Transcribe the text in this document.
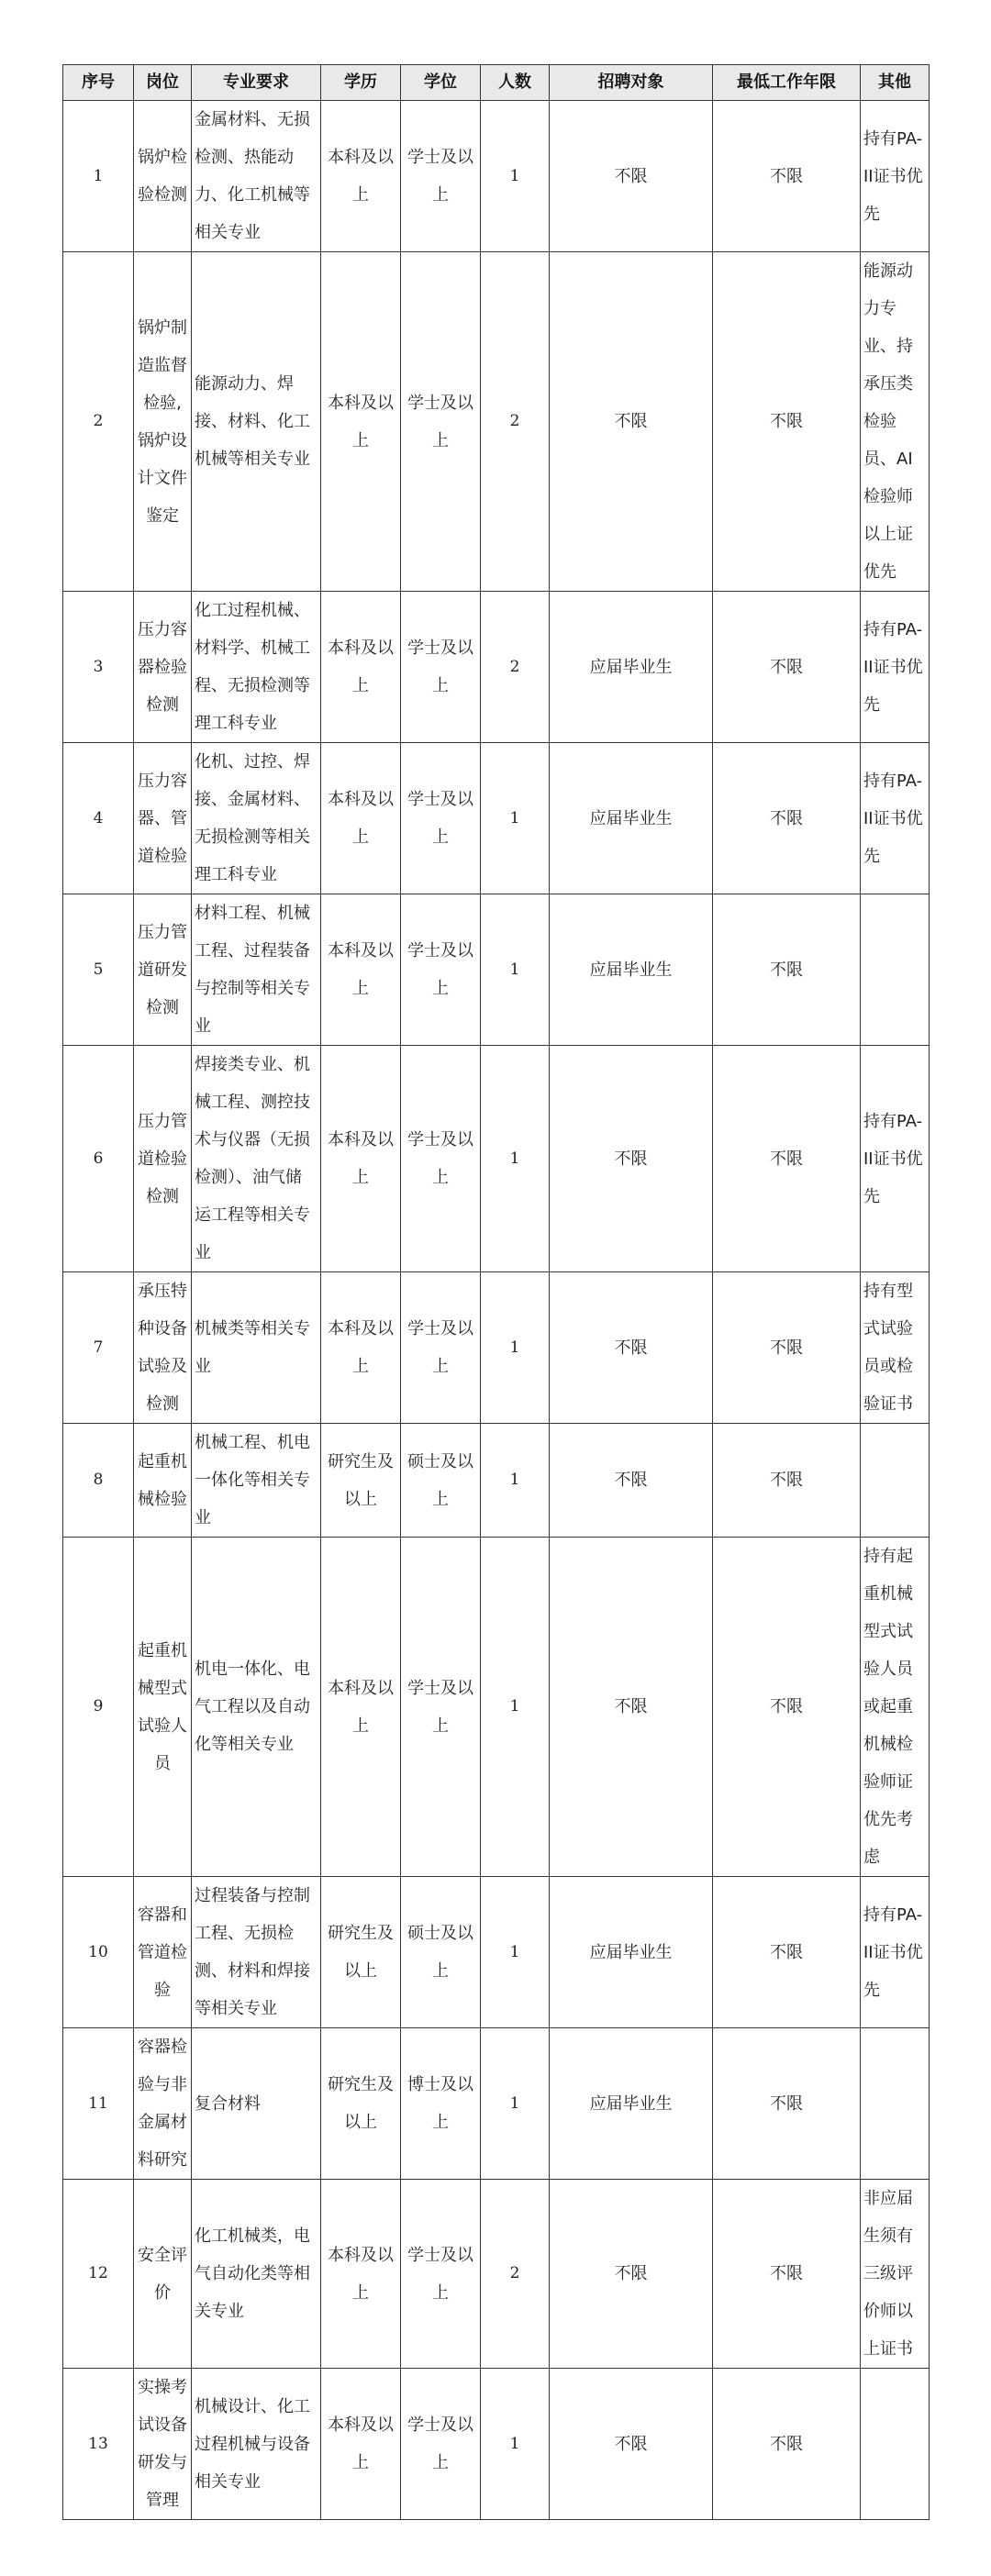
序号	岗位	专业要求	学历	学位	人数	招聘对象	最低工作年限	其他
1	锅炉检验检测	金属材料、无损检测、热能动力、化工机械等相关专业	本科及以上	学士及以上	1	不限	不限	持有PA-II证书优先
2	锅炉制造监督检验,锅炉设计文件鉴定	能源动力、焊接、材料、化工机械等相关专业	本科及以上	学士及以上	2	不限	不限	能源动力专业、持承压类检验员、AI检验师以上证优先
3	压力容器检验检测	化工过程机械、材料学、机械工程、无损检测等理工科专业	本科及以上	学士及以上	2	应届毕业生	不限	持有PA-II证书优先
4	压力容器、管道检验	化机、过控、焊接、金属材料、无损检测等相关理工科专业	本科及以上	学士及以上	1	应届毕业生	不限	持有PA-II证书优先
5	压力管道研发检测	材料工程、机械工程、过程装备与控制等相关专业	本科及以上	学士及以上	1	应届毕业生	不限	
6	压力管道检验检测	焊接类专业、机械工程、测控技术与仪器（无损检测）、油气储运工程等相关专业	本科及以上	学士及以上	1	不限	不限	持有PA-II证书优先
7	承压特种设备试验及检测	机械类等相关专业	本科及以上	学士及以上	1	不限	不限	持有型式试验员或检验证书
8	起重机械检验	机械工程、机电一体化等相关专业	研究生及以上	硕士及以上	1	不限	不限	
9	起重机械型式试验人员	机电一体化、电气工程以及自动化等相关专业	本科及以上	学士及以上	1	不限	不限	持有起重机械型式试验人员或起重机械检验师证优先考虑
10	容器和管道检验	过程装备与控制工程、无损检测、材料和焊接等相关专业	研究生及以上	硕士及以上	1	应届毕业生	不限	持有PA-II证书优先
11	容器检验与非金属材料研究	复合材料	研究生及以上	博士及以上	1	应届毕业生	不限	
12	安全评价	化工机械类，电气自动化类等相关专业	本科及以上	学士及以上	2	不限	不限	非应届生须有三级评价师以上证书
13	实操考试设备研发与管理	机械设计、化工过程机械与设备相关专业	本科及以上	学士及以上	1	不限	不限	
